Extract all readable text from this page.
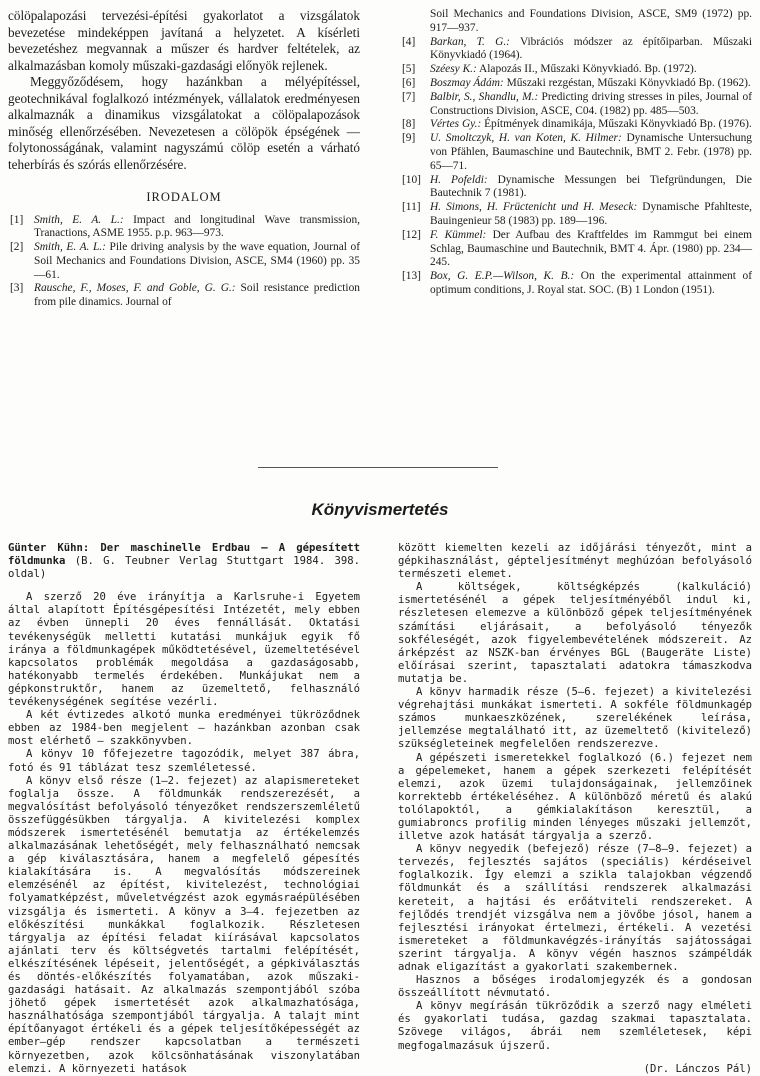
cölöpalapozási tervezési-építési gyakorlatot a vizsgálatok bevezetése mindeképpen javítaná a helyzetet. A kísérleti bevezetéshez megvannak a műszer és hardver feltételek, az alkalmazásban komoly műszaki-gazdasági előnyök rejlenek.

Meggyőződésem, hogy hazánkban a mélyépítéssel, geotechnikával foglalkozó intézmények, vállalatok eredményesen alkalmaznák a dinamikus vizsgálatokat a cölöpalapozások minőség ellenőrzésében. Nevezetesen a cölöpök épségének — folytonosságának, valamint nagyszámú cölöp esetén a várható teherbírás és szórás ellenőrzésére.

IRODALOM
[1] Smith, E. A. L.: Impact and longitudinal Wave transmission, Tranactions, ASME 1955. p.p. 963—973.
[2] Smith, E. A. L.: Pile driving analysis by the wave equation, Journal of Soil Mechanics and Foundations Division, ASCE, SM4 (1960) pp. 35—61.
[3] Rausche, F., Moses, F. and Goble, G. G.: Soil resistance prediction from pile dinamics. Journal of
Soil Mechanics and Foundations Division, ASCE, SM9 (1972) pp. 917—937.
[4] Barkan, T. G.: Vibrációs módszer az építőiparban. Műszaki Könyvkiadó (1964).
[5] Széesy K.: Alapozás II., Műszaki Könyvkiadó. Bp. (1972).
[6] Boszmay Ádám: Műszaki rezgéstan, Műszaki Könyvkiadó Bp. (1962).
[7] Balbir, S., Shandlu, M.: Predicting driving stresses in piles, Journal of Constructions Division, ASCE, C04. (1982) pp. 485—503.
[8] Vértes Gy.: Építmények dinamikája, Műszaki Könyvkiadó Bp. (1976).
[9] U. Smoltczyk, H. van Koten, K. Hilmer: Dynamische Untersuchung von Pfählen, Baumaschine und Bautechnik, BMT 2. Febr. (1978) pp. 65—71.
[10] H. Pofeldi: Dynamische Messungen bei Tiefgründungen, Die Bautechnik 7 (1981).
[11] H. Simons, H. Früctenicht und H. Meseck: Dynamische Pfahlteste, Bauingenieur 58 (1983) pp. 189—196.
[12] F. Kümmel: Der Aufbau des Kraftfeldes im Rammgut bei einem Schlag, Baumaschine und Bautechnik, BMT 4. Ápr. (1980) pp. 234—245.
[13] Box, G. E.P.—Wilson, K. B.: On the experimental attainment of optimum conditions, J. Royal stat. SOC. (B) 1 London (1951).
Könyvismertetés

Günter Kühn: Der maschinelle Erdbau — A gépesített földmunka (B. G. Teubner Verlag Stuttgart 1984. 398. oldal)

A szerző 20 éve irányítja a Karlsruhe-i Egyetem által alapított Építésgépesítési Intézetét, mely ebben az évben ünnepli 20 éves fennállását. Oktatási tevékenységük melletti kutatási munkájuk egyik fő iránya a földmunkagépek működtetésével, üzemeltetésével kapcsolatos problémák megoldása a gazdaságosabb, hatékonyabb termelés érdekében. Munkájukat nem a gépkonstruktőr, hanem az üzemeltető, felhasználó tevékenységének segítése vezérli.

A két évtizedes alkotó munka eredményei tükröződnek ebben az 1984-ben megjelent — hazánkban azonban csak most elérhető — szakkönyvben.

A könyv 10 főfejezetre tagozódik, melyet 387 ábra, fotó és 91 táblázat tesz szemléletessé.

A könyv első része (1—2. fejezet) az alapismereteket foglalja össze. A földmunkák rendszerezését, a megvalósítást befolyásoló tényezőket rendszerszemléletű összefüggésükben tárgyalja. A kivitelezési komplex módszerek ismertetésénél bemutatja az értékelemzés alkalmazásának lehetőségét, mely felhasználható nemcsak a gép kiválasztására, hanem a megfelelő gépesítés kialakítására is. A megvalósítás módszereinek elemzésénél az építést, kivitelezést, technológiai folyamatképzést, műveletvégzést azok egymásraépülésében vizsgálja és ismerteti. A könyv a 3—4. fejezetben az előkészítési munkákkal foglalkozik. Részletesen tárgyalja az építési feladat kiírásával kapcsolatos ajánlati terv és költségvetés tartalmi felépítését, elkészítésének lépéseit, jelentőségét, a gépkiválasztás és döntés-előkészítés folyamatában, azok műszaki-gazdasági hatásait. Az alkalmazás szempontjából szóba jöhető gépek ismertetését azok alkalmazhatósága, használhatósága szempontjából tárgyalja. A talajt mint építőanyagot értékeli és a gépek teljesítőképességét az ember—gép rendszer kapcsolatban a természeti környezetben, azok kölcsönhatásának viszonylatában elemzi. A környezeti hatások

között kiemelten kezeli az időjárási tényezőt, mint a gépkihasználást, gépteljesítményt meghúzóan befolyásoló természeti elemet.

A költségek, költségképzés (kalkuláció) ismertetésénél a gépek teljesítményéből indul ki, részletesen elemezve a különböző gépek teljesítményének számítási eljárásait, a befolyásoló tényezők sokféleségét, azok figyelembevételének módszereit. Az árképzést az NSZK-ban érvényes BGL (Baugeräte Liste) előírásai szerint, tapasztalati adatokra támaszkodva mutatja be.

A könyv harmadik része (5—6. fejezet) a kivitelezési végrehajtási munkákat ismerteti. A sokféle földmunkagép számos munkaeszközének, szerelékének leírása, jellemzése megtalálható itt, az üzemeltető (kivitelező) szükségleteinek megfelelően rendszerezve.

A gépészeti ismeretekkel foglalkozó (6.) fejezet nem a gépelemeket, hanem a gépek szerkezeti felépítését elemzi, azok üzemi tulajdonságainak, jellemzőinek korrektebb értékeléséhez. A különböző méretű és alakú tolólapoktól, a gémkialakításon keresztül, a gumiabroncs profilig minden lényeges műszaki jellemzőt, illetve azok hatását tárgyalja a szerző.

A könyv negyedik (befejező) része (7—8—9. fejezet) a tervezés, fejlesztés sajátos (speciális) kérdéseivel foglalkozik. Így elemzi a szikla talajokban végzendő földmunkát és a szállítási rendszerek alkalmazási kereteit, a hajtási és erőátviteli rendszereket. A fejlődés trendjét vizsgálva nem a jövőbe jósol, hanem a fejlesztési irányokat értelmezi, értékeli. A vezetési ismereteket a földmunkavégzés-irányítás sajátosságai szerint tárgyalja. A könyv végén hasznos számpéldák adnak eligazítást a gyakorlati szakembernek.

Hasznos a bőséges irodalomjegyzék és a gondosan összeállított névmutató.

A könyv megírásán tükröződik a szerző nagy elméleti és gyakorlati tudása, gazdag szakmai tapasztalata. Szövege világos, ábrái nem szemléletesek, képi megfogalmazásuk újszerű.

(Dr. Lánczos Pál)
